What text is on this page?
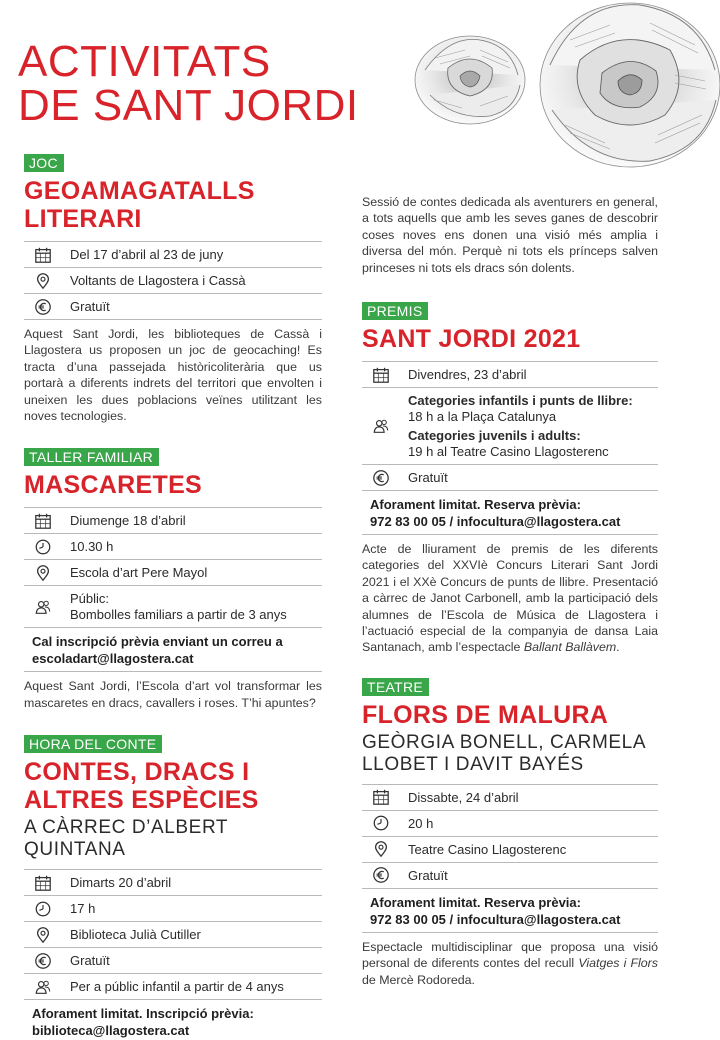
ACTIVITATS
DE SANT JORDI
JOC
GEOAMAGATALLS
LITERARI
Del 17 d’abril al 23 de juny
Voltants de Llagostera i Cassà
Gratuït

Aquest Sant Jordi, les biblioteques de Cassà i Llagostera us proposen un joc de geocaching! Es tracta d’una passejada històricoliterària que us portarà a diferents indrets del territori que envolten i uneixen les dues poblacions veïnes utilitzant les noves tecnologies.

TALLER FAMILIAR
MASCARETES
Diumenge 18 d’abril
10.30 h
Escola d’art Pere Mayol
Públic:
Bombolles familiars a partir de 3 anys
Cal inscripció prèvia enviant un correu a
escoladart@llagostera.cat

Aquest Sant Jordi, l’Escola d’art vol transformar les mascaretes en dracs, cavallers i roses. T’hi apuntes?

HORA DEL CONTE
CONTES, DRACS I
ALTRES ESPÈCIES
A CÀRREC D’ALBERT QUINTANA
Dimarts 20 d’abril
17 h
Biblioteca Julià Cutiller
Gratuït
Per a públic infantil a partir de 4 anys
Aforament limitat. Inscripció prèvia:
biblioteca@llagostera.cat

Sessió de contes dedicada als aventurers en general, a tots aquells que amb les seves ganes de descobrir coses noves ens donen una visió més amplia i diversa del món. Perquè ni tots els prínceps salven princeses ni tots els dracs són dolents.

PREMIS
SANT JORDI 2021
Divendres, 23 d’abril
Categories infantils i punts de llibre:
18 h a la Plaça Catalunya
Categories juvenils i adults:
19 h al Teatre Casino Llagosterenc
Gratuït
Aforament limitat. Reserva prèvia:
972 83 00 05 / infocultura@llagostera.cat

Acte de lliurament de premis de les diferents categories del XXVIè Concurs Literari Sant Jordi 2021 i el XXè Concurs de punts de llibre. Presentació a càrrec de Janot Carbonell, amb la participació dels alumnes de l’Escola de Música de Llagostera i l’actuació especial de la companyia de dansa Laia Santanach, amb l’espectacle Ballant Ballàvem.

TEATRE
FLORS DE MALURA
GEÒRGIA BONELL, CARMELA
LLOBET I DAVIT BAYÉS
Dissabte, 24 d’abril
20 h
Teatre Casino Llagosterenc
Gratuït
Aforament limitat. Reserva prèvia:
972 83 00 05 / infocultura@llagostera.cat

Espectacle multidisciplinar que proposa una visió personal de diferents contes del recull Viatges i Flors de Mercè Rodoreda.
